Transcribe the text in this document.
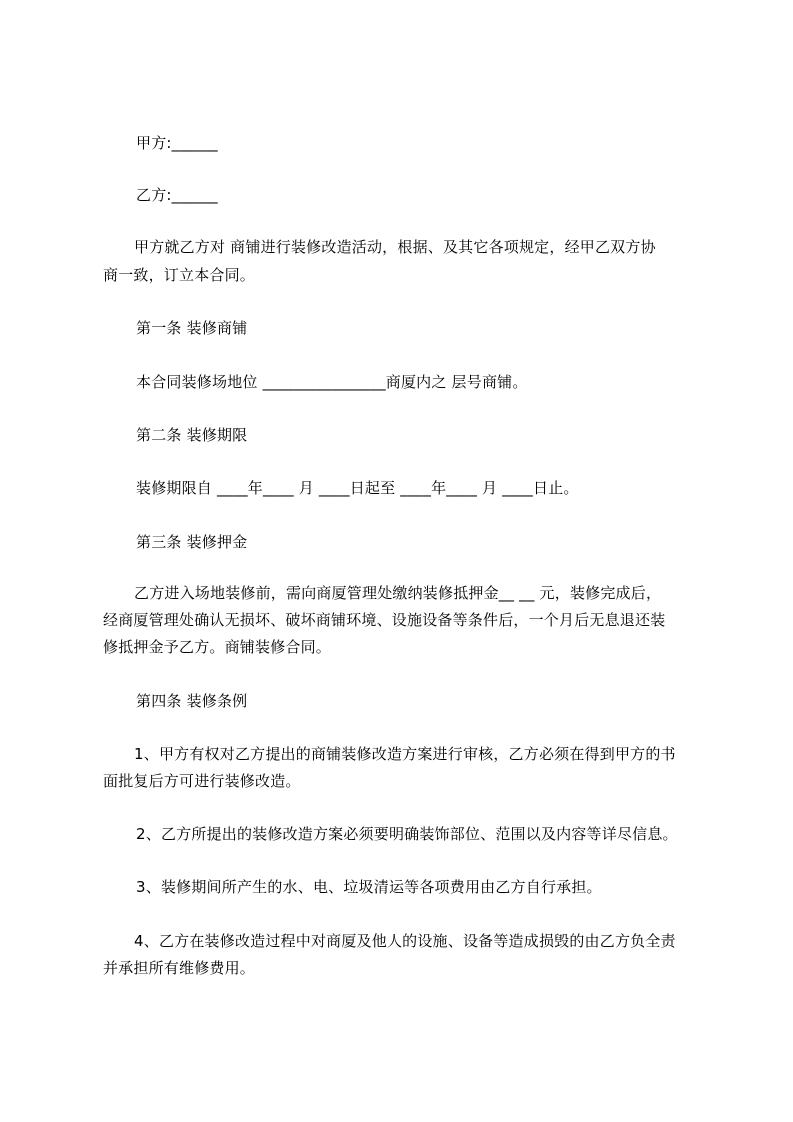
甲方:______
乙方:______
甲方就乙方对 商铺进行装修改造活动，根据、及其它各项规定，经甲乙双方协
商一致，订立本合同。
第一条 装修商铺
本合同装修场地位 ________________商厦内之 层号商铺。
第二条 装修期限
装修期限自 ____年____ 月 ____日起至 ____年____ 月 ____日止。
第三条 装修押金
乙方进入场地装修前，需向商厦管理处缴纳装修抵押金__ __ 元，装修完成后，
经商厦管理处确认无损坏、破坏商铺环境、设施设备等条件后，一个月后无息退还装
修抵押金予乙方。商铺装修合同。
第四条 装修条例
1、甲方有权对乙方提出的商铺装修改造方案进行审核，乙方必须在得到甲方的书
面批复后方可进行装修改造。
2、乙方所提出的装修改造方案必须要明确装饰部位、范围以及内容等详尽信息。
3、装修期间所产生的水、电、垃圾清运等各项费用由乙方自行承担。
4、乙方在装修改造过程中对商厦及他人的设施、设备等造成损毁的由乙方负全责
并承担所有维修费用。
